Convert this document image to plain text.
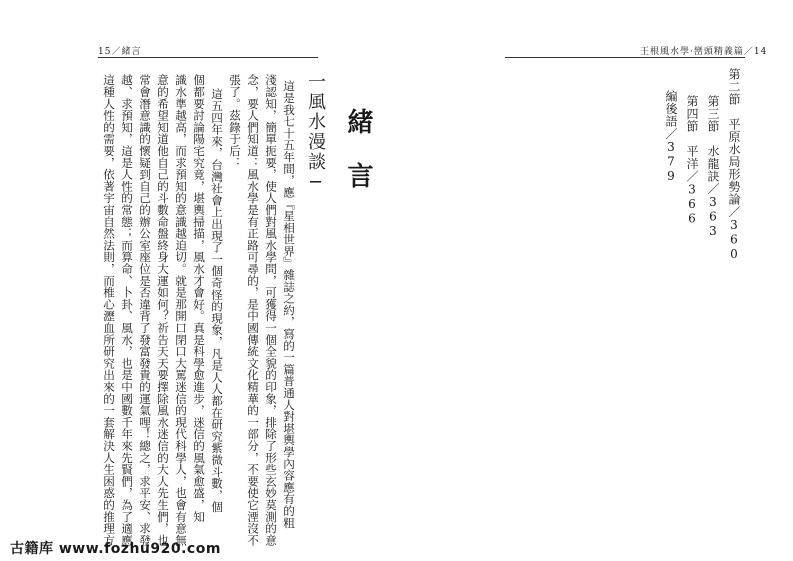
15／緒言	王根風水學·巒頭精義篇／14
第二節　平原水局形勢論／360
第三節　水龍訣／363
第四節　平洋／366
編後語／379
緒言
一風水漫談─
這是我七十五年間，應『星相世界』雜誌之約，寫的一篇普通人對堪輿學內容應有的粗
淺認知，簡單扼要，使人們對風水學問，可獲得一個全貌的印象，排除了形些玄妙莫測的意
念，要人們知道：風水學是有正路可尋的，是中國傳統文化精華的一部分，不要使它湮沒不
張了。茲錄于后：
這五四年來，台灣社會上出現了一個奇怪的現象，凡是人人都在研究紫微斗數，個
個都要討論陽宅究竟，堪輿掃描，風水才會好。真是科學愈進步，迷信的風氣愈盛，知
識水準越高，而求預知的意識越迫切。就是那開口閉口大罵迷信的現代科學人，也會有意無
意的希望知道他自己的斗數命盤終身大運如何？祈告天天要擇除風水迷信的大人先生們，也
常會潛意識的懷疑到自己的辦公室座位是否違背了發富發貴的運氣哩！總之，求平安、求發
越、求預知，這是人性的常態；而算命、卜卦、風水，也是中國數千年來先賢們，為了適應
這種人性的需要，依著宇宙自然法則，而椎心瀝血所研究出來的一套解決人生困惑的推理方
古籍库 www.fozhu920.com
